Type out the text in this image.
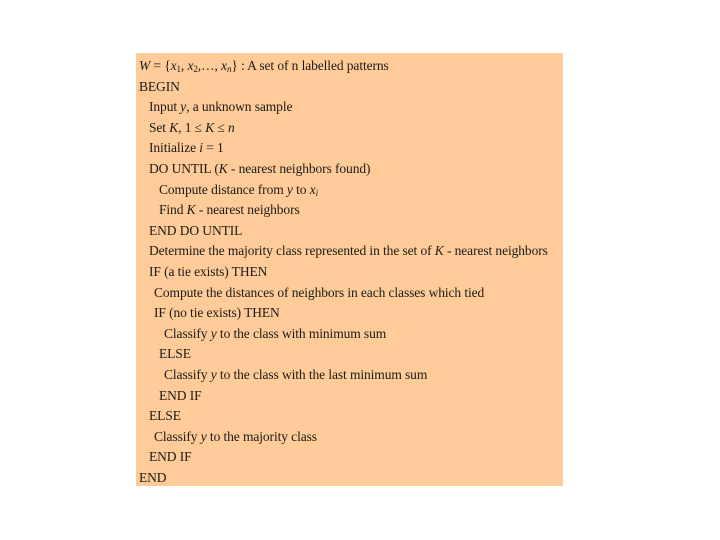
$W = \{x_1$, $x_2,\dots$, $x_n$} : A set of n labelled patterns
BEGIN
Input y, a unknown sample
Set K, 1 ≤ K ≤ n
Initialize i = 1
DO UNTIL (K - nearest neighbors found)
Compute distance from y to $x_i$
Find K - nearest neighbors
END DO UNTIL
Determine the majority class represented in the set of K - nearest neighbors
IF (a tie exists) THEN
Compute the distances of neighbors in each classes which tied
IF (no tie exists) THEN
Classify y to the class with minimum sum
ELSE
Classify y to the class with the last minimum sum
END IF
ELSE
Classify y to the majority class
END IF
END
